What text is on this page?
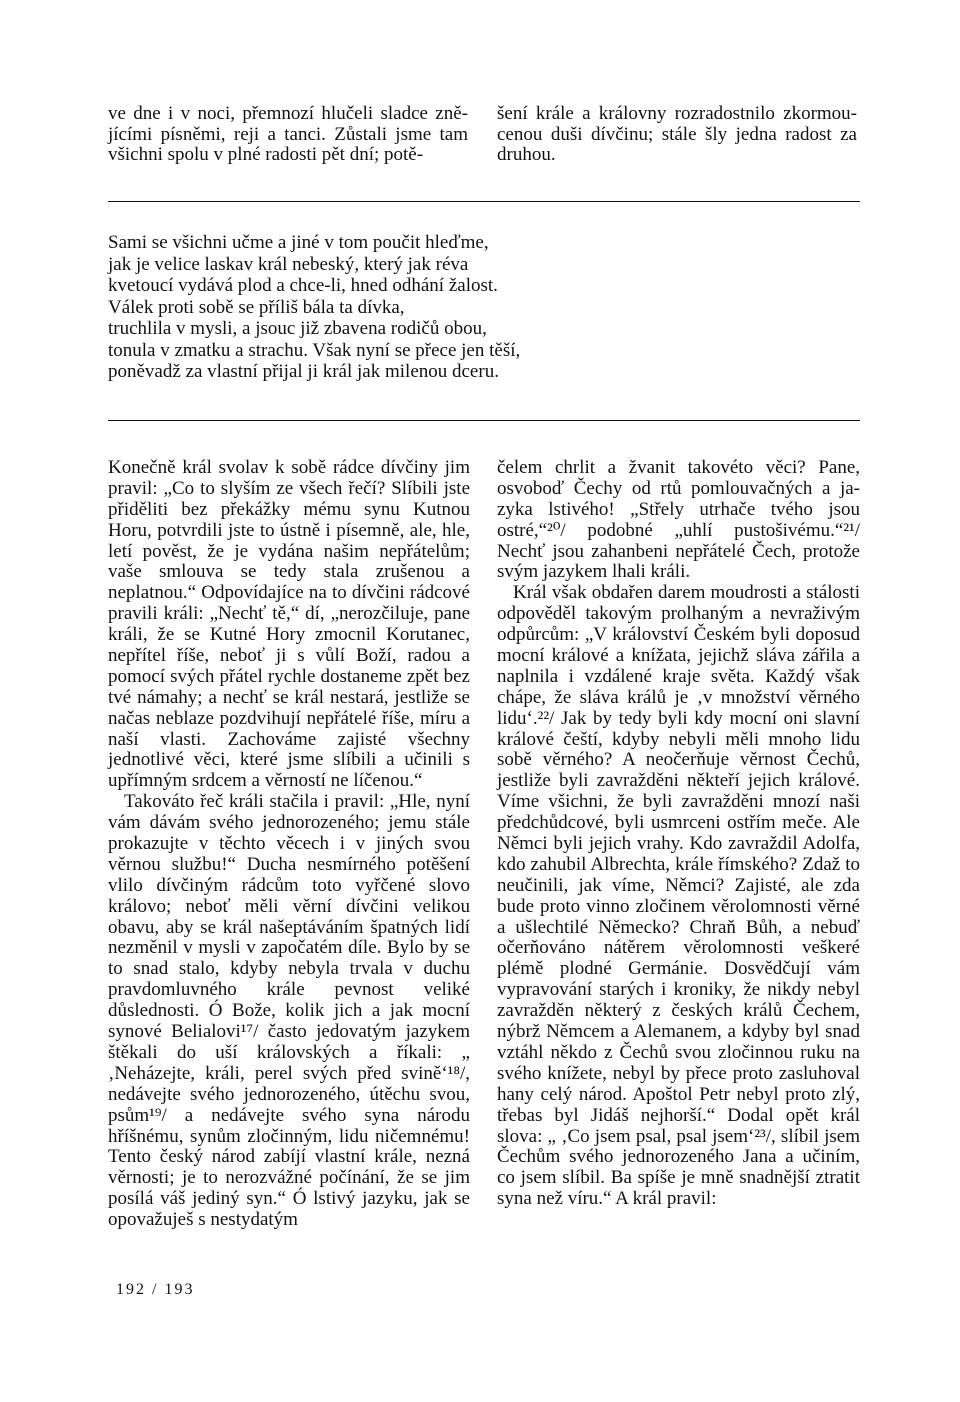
ve dne i v noci, přemnozí hlučeli sladce znějícími písněmi, reji a tanci. Zůstali jsme tam všichni spolu v plné radosti pět dní; potě-

šení krále a královny rozradostnilo zkormoucenou duši dívčinu; stále šly jedna radost za druhou.

Sami se všichni učme a jiné v tom poučit hleďme,
jak je velice laskav král nebeský, který jak réva
kvetoucí vydává plod a chce-li, hned odhání žalost.
Válek proti sobě se příliš bála ta dívka,
truchlila v mysli, a jsouc již zbavena rodičů obou,
tonula v zmatku a strachu. Však nyní se přece jen těší,
poněvadž za vlastní přijal ji král jak milenou dceru.

Konečně král svolav k sobě rádce dívčiny jim pravil: „Co to slyším ze všech řečí? Slíbili jste přiděliti bez překážky mému synu Kutnou Horu, potvrdili jste to ústně i písemně, ale, hle, letí pověst, že je vydána našim nepřátelům; vaše smlouva se tedy stala zrušenou a neplatnou.“ Odpovídajíce na to dívčini rádcové pravili králi: „Nechť tě,“ dí, „nerozčiluje, pane králi, že se Kutné Hory zmocnil Korutanec, nepřítel říše, neboť ji s vůlí Boží, radou a pomocí svých přátel rychle dostaneme zpět bez tvé námahy; a nechť se král nestará, jestliže se načas neblaze pozdvihují nepřátelé říše, míru a naší vlasti. Zachováme zajisté všechny jednotlivé věci, které jsme slíbili a učinili s upřímným srdcem a věrností ne líčenou.“

Takováto řeč králi stačila i pravil: „Hle, nyní vám dávám svého jednorozeného; jemu stále prokazujte v těchto věcech i v jiných svou věrnou službu!“ Ducha nesmírného potěšení vlilo dívčiným rádcům toto vyřčené slovo královo; neboť měli věrní dívčini velikou obavu, aby se král našeptáváním špatných lidí nezměnil v mysli v započatém díle. Bylo by se to snad stalo, kdyby nebyla trvala v duchu pravdomluvného krále pevnost veliké důslednosti. Ó Bože, kolik jich a jak mocní synové Belialovi¹⁷/ často jedovatým jazykem štěkali do uší královských a říkali: „ ‚Neházejte, králi, perel svých před svině‘¹⁸/, nedávejte svého jednorozeného, útěchu svou, psům¹⁹/ a nedávejte svého syna národu hříšnému, synům zločinným, lidu ničemnému! Tento český národ zabíjí vlastní krále, nezná věrnosti; je to nerozvážné počínání, že se jim posílá váš jediný syn.“ Ó lstivý jazyku, jak se opovažuješ s nestydatým

čelem chrlit a žvanit takovéto věci? Pane, osvoboď Čechy od rtů pomlouvačných a jazyka lstivého! „Střely utrhače tvého jsou ostré,“²⁰/ podobné „uhlí pustošivému.“²¹/ Nechť jsou zahanbeni nepřátelé Čech, protože svým jazykem lhali králi.

Král však obdařen darem moudrosti a stálosti odpověděl takovým prolhaným a nevraživým odpůrcům: „V království Českém byli doposud mocní králové a knížata, jejichž sláva zářila a naplnila i vzdálené kraje světa. Každý však chápe, že sláva králů je ‚v množství věrného lidu‘.²²/ Jak by tedy byli kdy mocní oni slavní králové čeští, kdyby nebyli měli mnoho lidu sobě věrného? A neočerňuje věrnost Čechů, jestliže byli zavražděni někteří jejich králové. Víme všichni, že byli zavražděni mnozí naši předchůdcové, byli usmrceni ostřím meče. Ale Němci byli jejich vrahy. Kdo zavraždil Adolfa, kdo zahubil Albrechta, krále římského? Zdaž to neučinili, jak víme, Němci? Zajisté, ale zda bude proto vinno zločinem věrolomnosti věrné a ušlechtilé Německo? Chraň Bůh, a nebuď očerňováno nátěrem věrolomnosti veškeré plémě plodné Germánie. Dosvědčují vám vypravování starých i kroniky, že nikdy nebyl zavražděn některý z českých králů Čechem, nýbrž Němcem a Alemanem, a kdyby byl snad vztáhl někdo z Čechů svou zločinnou ruku na svého knížete, nebyl by přece proto zasluhoval hany celý národ. Apoštol Petr nebyl proto zlý, třebas byl Jidáš nejhorší.“ Dodal opět král slova: „ ‚Co jsem psal, psal jsem‘²³/, slíbil jsem Čechům svého jednorozeného Jana a učiním, co jsem slíbil. Ba spíše je mně snadnější ztratit syna než víru.“ A král pravil:

192 / 193
